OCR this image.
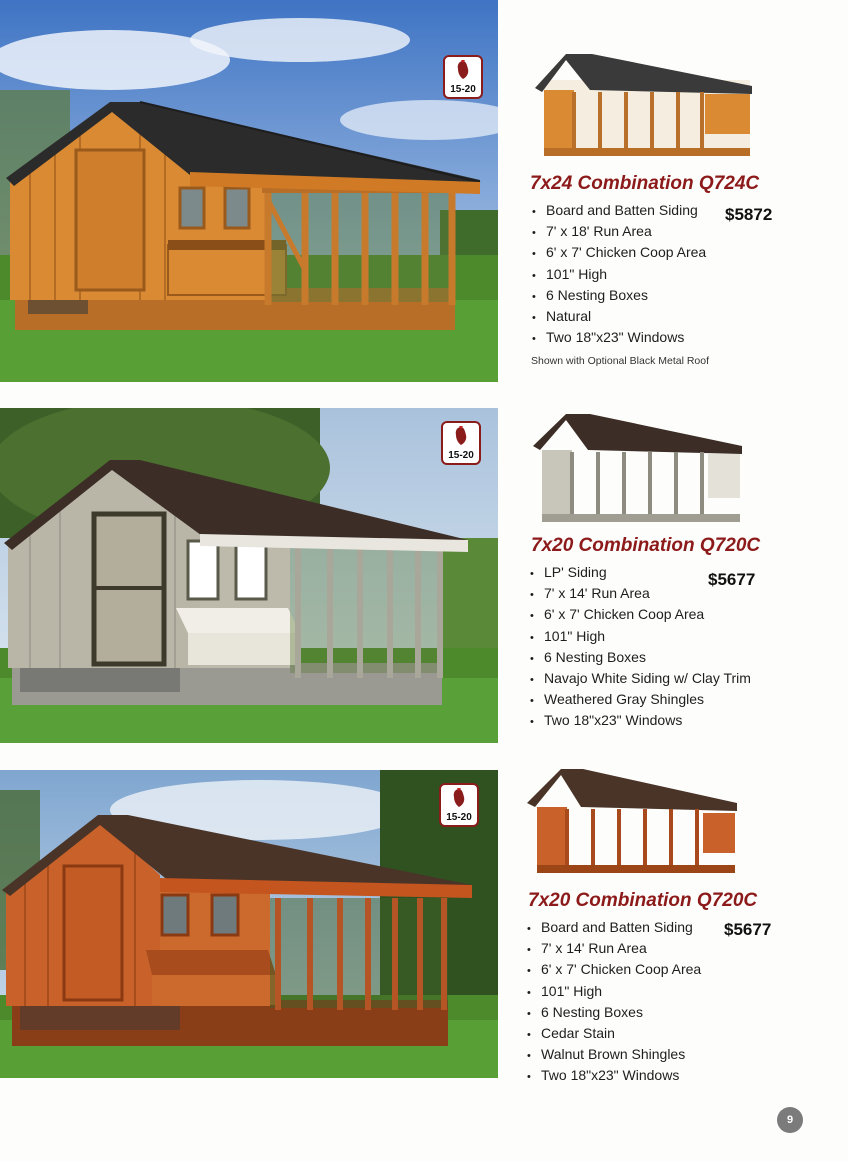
15-20
7x24 Combination Q724C
• Board and Batten Siding
• 7' x 18' Run Area
• 6' x 7' Chicken Coop Area
• 101" High
• 6 Nesting Boxes
• Natural
• Two 18"x23" Windows
$5872
Shown with Optional Black Metal Roof
15-20
7x20 Combination Q720C
• LP' Siding
• 7' x 14' Run Area
• 6' x 7' Chicken Coop Area
• 101" High
• 6 Nesting Boxes
• Navajo White Siding w/ Clay Trim
• Weathered Gray Shingles
• Two 18"x23" Windows
$5677
15-20
7x20 Combination Q720C
• Board and Batten Siding
• 7' x 14' Run Area
• 6' x 7' Chicken Coop Area
• 101" High
• 6 Nesting Boxes
• Cedar Stain
• Walnut Brown Shingles
• Two 18"x23" Windows
$5677
9
